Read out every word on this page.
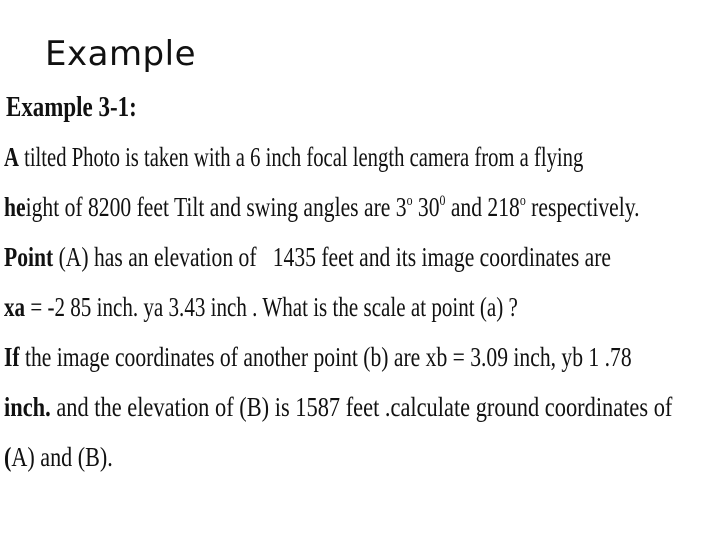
Example
Example 3-1:
A tilted Photo is taken with a 6 inch focal length camera from a flying
height of 8200 feet Tilt and swing angles are 3$^o$ $30^0$ and 218$^o$ respectively.
Point (A) has an elevation of   1435 feet and its image coordinates are
xa = -2 85 inch. ya 3.43 inch . What is the scale at point (a) ?
If the image coordinates of another point (b) are xb = 3.09 inch, yb 1 .78
inch. and the elevation of (B) is 1587 feet .calculate ground coordinates of
(A) and (B).
